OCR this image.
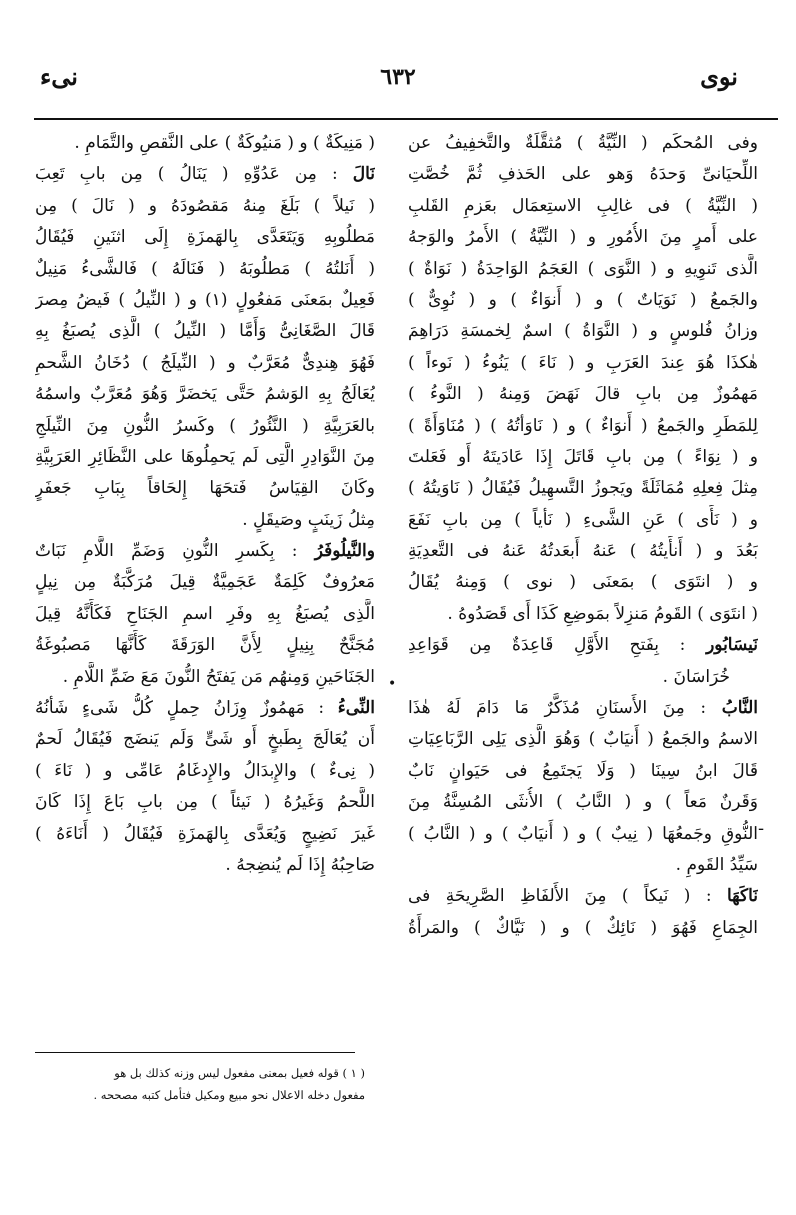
نوی
٦٣٢
نیء
وفى المُحكَم ( النِّيَّةُ ) مُثقَّلَةٌ والتَّخفِيفُ عن
اللِّحيَانىِّ وَحدَهُ وَهو على الحَذفِ ثُمَّ خُصَّتِ
( النِّيَّةُ ) فى غالِبِ الاستِعمَال بعَزمِ القَلبِ
على أَمرٍ مِنَ الأُمُورِ و ( النِّيَّةُ ) الأَمرُ والوَجهُ
الَّذى تَنوِيهِ و ( النَّوَى ) العَجَمُ الوَاحِدَةُ ( نَوَاةٌ )
والجَمعُ ( نَوَيَاتٌ ) و ( أَنوَاءٌ ) و ( نُوِىٌّ )
وزانُ فُلوسٍ و ( النَّوَاةُ ) اسمٌ لِخمسَةِ دَرَاهِمَ
هٰكذَا هُوَ عِندَ العَرَبِ و ( نَاءَ ) يَنُوءُ ( نَوءاً )
مَهمُوزٌ مِن بابِ قالَ نَهَضَ وَمِنهُ ( النَّوءُ )
لِلمَطَرِ والجَمعُ ( أَنوَاءٌ ) و ( نَاوَأتُهُ ) ( مُنَاوَأَةً )
و ( نِوَاءً ) مِن بابِ قَاتَلَ إِذَا عَادَيتَهُ أَو فَعَلتَ
مِثلَ فِعلِهِ مُمَاثَلَةً ويَجوزُ التَّسهِيلُ فَيُقَالُ ( نَاوَيتُهُ )
و ( نَأَى ) عَنِ الشَّىءِ ( نَأياً ) مِن بابِ نَفَعَ
بَعُدَ و ( أَنأَيتُهُ ) عَنهُ أَبعَدتُهُ عَنهُ فى التَّعدِيَةِ
و ( انتَوَى ) بمَعنَى ( نوى ) وَمِنهُ يُقَالُ
( انتَوَى ) القَومُ مَنزِلاً بمَوضِعِ كَذَا أَى قَصَدُوهُ .
نَيسَابُور : بِفَتحِ الأَوَّلِ قَاعِدَةٌ مِن قَوَاعِدِ
خُرَاسَانَ .
النَّابُ : مِنَ الأَسنَانِ مُذَكَّرٌ مَا دَامَ لَهُ هٰذَا
الاسمُ والجَمعُ ( أَنيَابٌ ) وَهُوَ الَّذِى يَلِى الرَّبَاعِيَاتِ
قَالَ ابنُ سِينَا ( وَلَا يَجتَمِعُ فى حَيَوانٍ نَابٌ
وَقَرنٌ مَعاً ) و ( النَّابُ ) الأُنثَى المُسِنَّةُ مِنَ
النُّوقِ وجَمعُهَا ( نِيبٌ ) و ( أَنيَابٌ ) و ( النَّابُ )
سَيِّدُ القَومِ .
نَاكَهَا : ( نَيكاً ) مِنَ الأَلفَاظِ الصَّرِيحَةِ فى
الجِمَاعِ فَهُوَ ( نَائِكٌ ) و ( نَيَّاكٌ ) والمَرأَةُ
( مَنِيكَةٌ ) و ( مَنيُوكَةٌ ) على النَّقصِ والتَّمَامِ .
نَالَ : مِن عَدُوِّهِ ( يَنَالُ ) مِن بابِ تَعِبَ
( نَيلاً ) بَلَغَ مِنهُ مَقصُودَهُ و ( نَالَ ) مِن
مَطلُوبِهِ وَيَتَعَدَّى بِالهَمزَةِ إِلَى اثنَينِ فَيُقَالُ
( أَنَلتُهُ ) مَطلُوبَهُ ( فَنَالَهُ ) فَالشَّىءُ مَنِيلٌ
فَعِيلٌ بمَعنَى مَفعُولٍ (١) و ( النِّيلُ ) فَيضُ مِصرَ
قَالَ الصَّغَانِىُّ وَأَمَّا ( النِّيلُ ) الَّذِى يُصبَغُ بِهِ
فَهُوَ هِندِىٌّ مُعَرَّبٌ و ( النِّيلَجُ ) دُخَانُ الشَّحمِ
يُعَالَجُ بِهِ الوَشمُ حَتَّى يَخضَرَّ وَهُوَ مُعَرَّبٌ واسمُهُ
بالعَرَبِيَّةِ ( النَّئُورُ ) وكَسرُ النُّونِ مِنَ النِّيلَجِ
مِنَ النَّوَادِرِ الَّتِى لَم يَحمِلُوهَا على النَّظَائِرِ العَرَبِيَّةِ
وكَانَ القِيَاسُ فَتحَهَا إِلحَاقاً بِبَابِ جَعفَرٍ
مِثلُ زَينَبٍ وصَيقَلٍ .
والنَّيلُوفَرُ : بِكَسرِ النُّونِ وَضَمِّ اللَّامِ نَبَاتٌ
مَعرُوفٌ كَلِمَةٌ عَجَمِيَّةٌ قِيلَ مُرَكَّبَةٌ مِن نِيلٍ
الَّذِى يُصبَغُ بِهِ وفَرِ اسمِ الجَنَاحِ فَكَأَنَّهُ قِيلَ
مُجَنَّحٌ بِنِيلٍ لِأَنَّ الوَرَقَةَ كَأَنَّهَا مَصبُوغَةُ
الجَنَاحَينِ وَمِنهُم مَن يَفتَحُ النُّونَ مَعَ ضَمِّ اللَّامِ .
النِّىءُ : مَهمُوزٌ وِزَانُ حِملٍ كُلُّ شَىءٍ شَأنُهُ
أَن يُعَالَجَ بِطَبخٍ أَو شَىٍّ وَلَم يَنضَج فَيُقَالُ لَحمٌ
( نِىءٌ ) والإِبدَالُ والإِدغَامُ عَامِّى و ( نَاءَ )
اللَّحمُ وَغَيرُهُ ( نَيئاً ) مِن بابِ بَاعَ إِذَا كَانَ
غَيرَ نَضِيجٍ وَيُعَدَّى بِالهَمزَةِ فَيُقَالُ ( أَنَاءَهُ )
صَاحِبُهُ إِذَا لَم يُنضِجهُ .
( ١ ) قوله فعيل بمعنى مفعول ليس وزنه كذلك بل هو
مفعول دخله الاعلال نحو مبيع ومكيل فتأمل كتبه مصححه .
-
•
